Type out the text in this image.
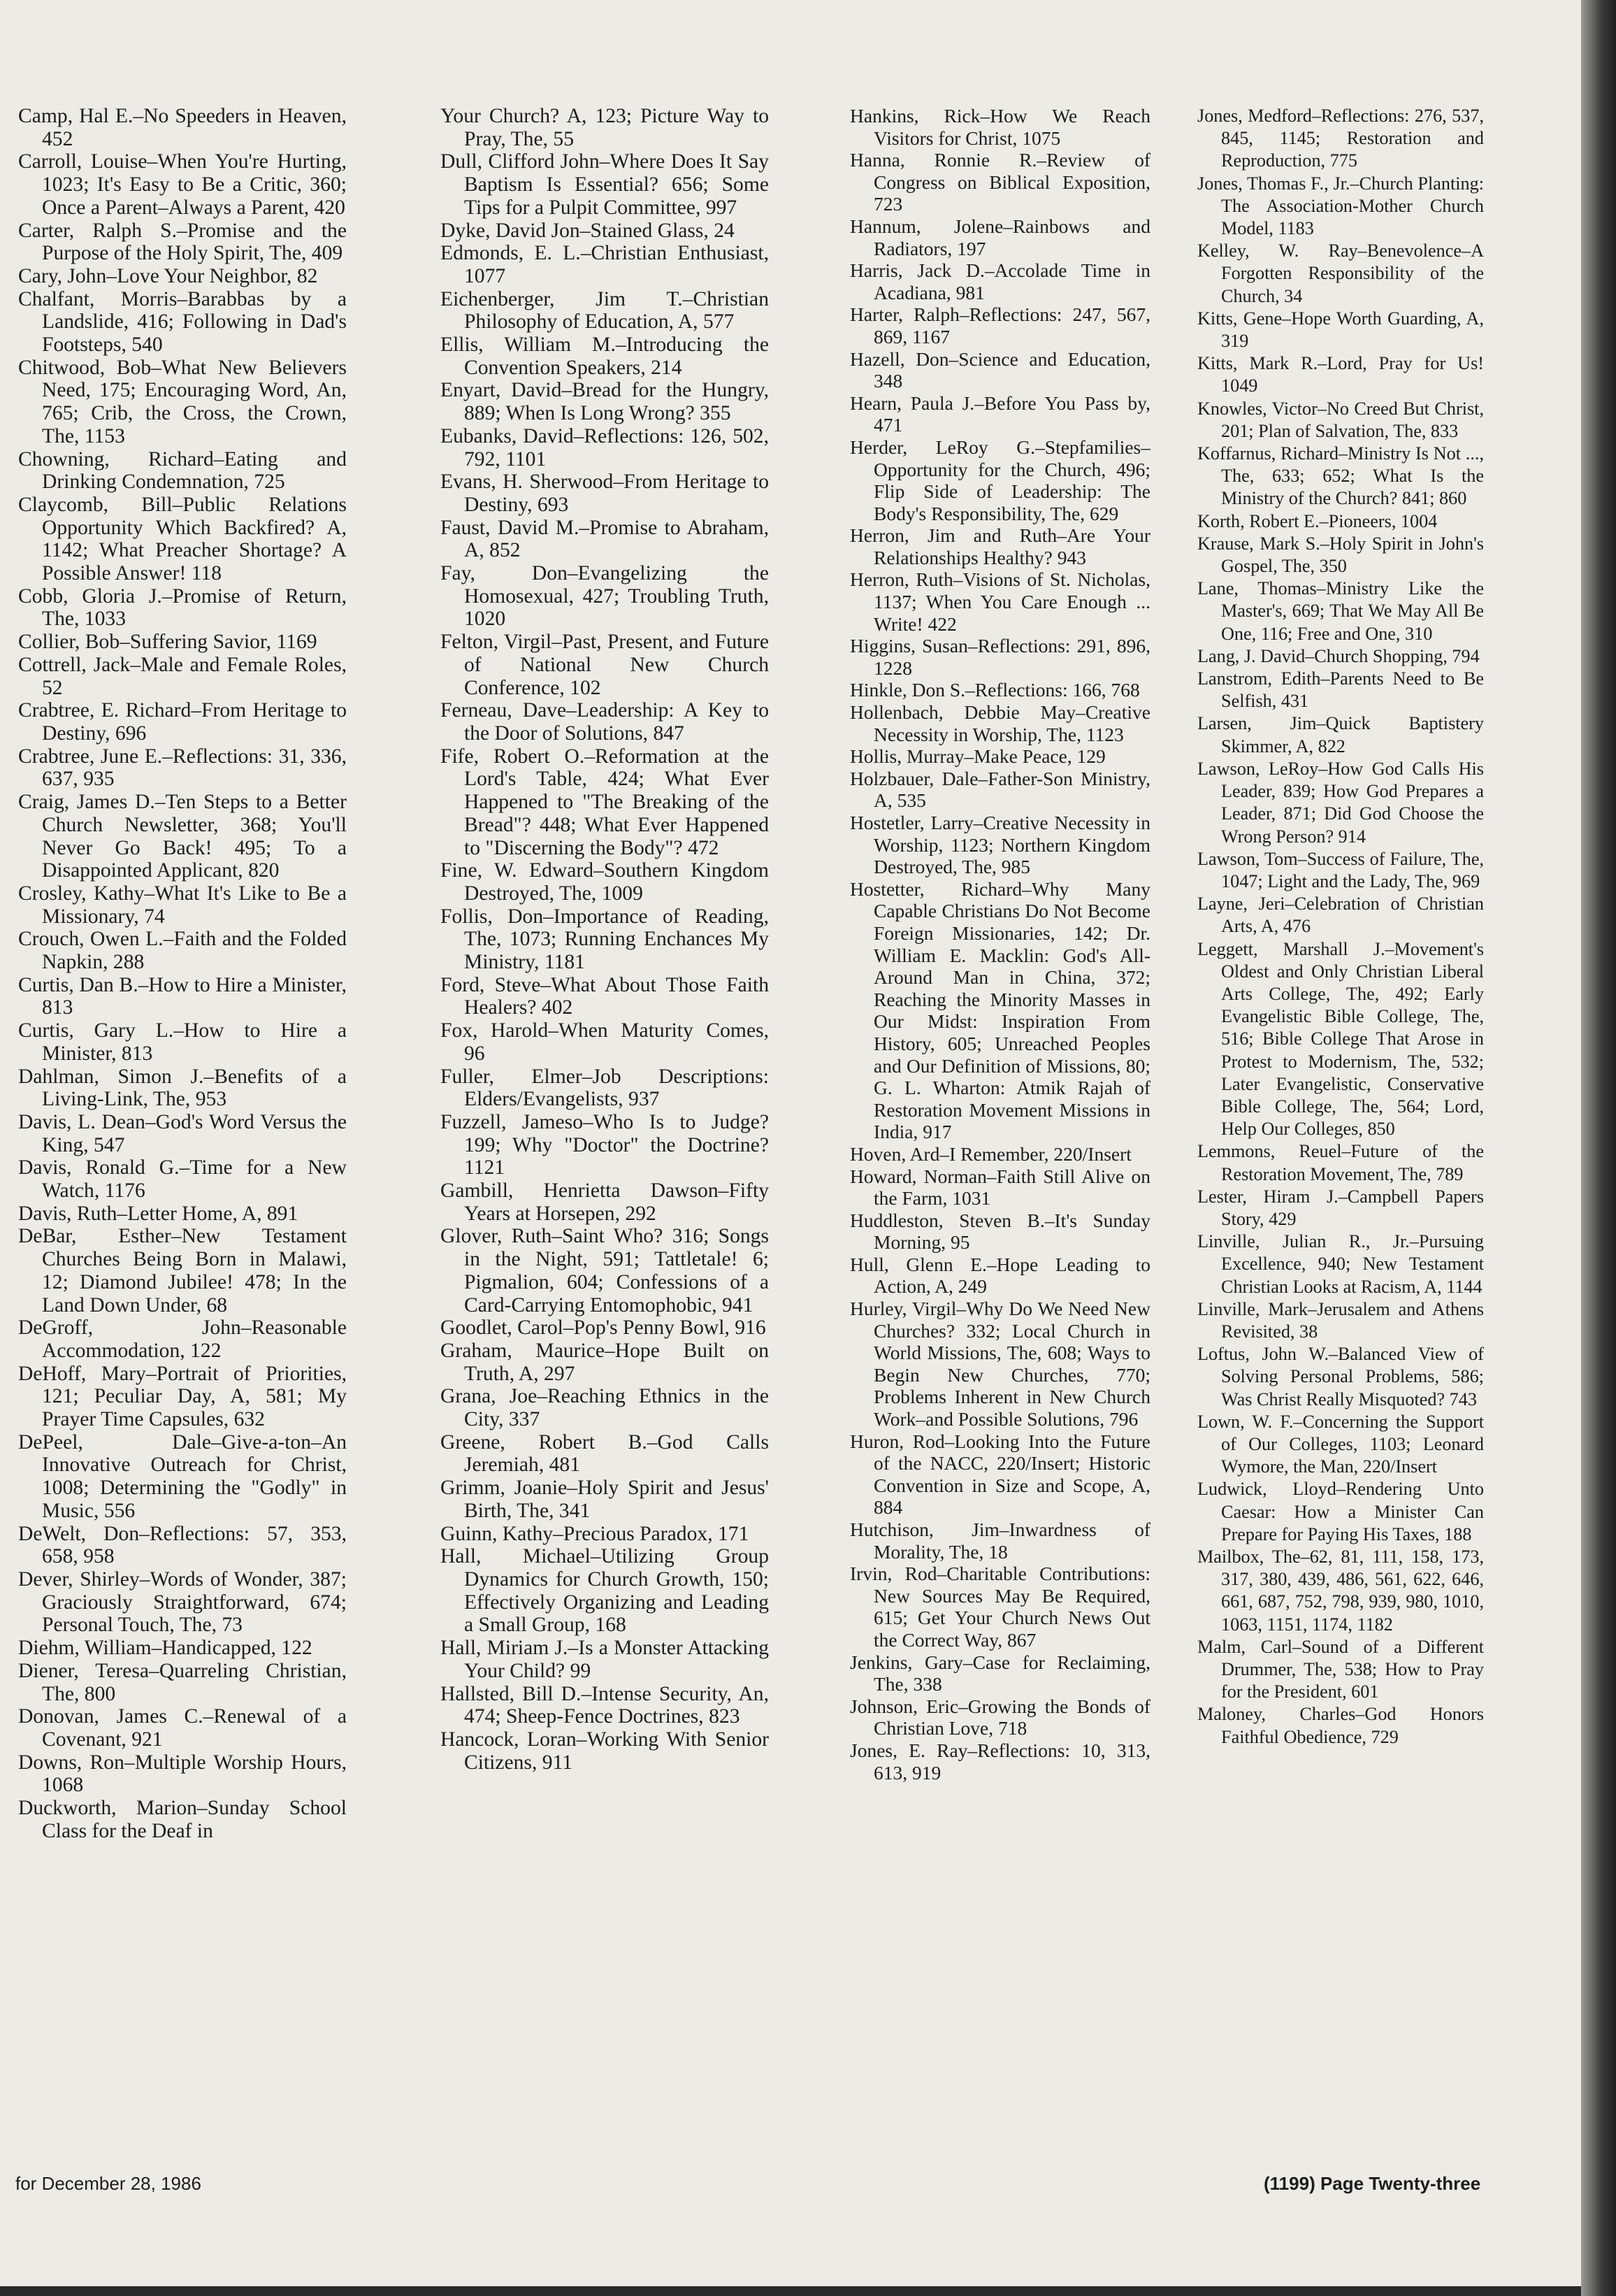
Camp, Hal E.–No Speeders in Heaven, 452

Carroll, Louise–When You're Hurting, 1023; It's Easy to Be a Critic, 360; Once a Parent–Always a Parent, 420

Carter, Ralph S.–Promise and the Purpose of the Holy Spirit, The, 409

Cary, John–Love Your Neighbor, 82

Chalfant, Morris–Barabbas by a Landslide, 416; Following in Dad's Footsteps, 540

Chitwood, Bob–What New Believers Need, 175; Encouraging Word, An, 765; Crib, the Cross, the Crown, The, 1153

Chowning, Richard–Eating and Drinking Condemnation, 725

Claycomb, Bill–Public Relations Opportunity Which Backfired? A, 1142; What Preacher Shortage? A Possible Answer! 118

Cobb, Gloria J.–Promise of Return, The, 1033

Collier, Bob–Suffering Savior, 1169

Cottrell, Jack–Male and Female Roles, 52

Crabtree, E. Richard–From Heritage to Destiny, 696

Crabtree, June E.–Reflections: 31, 336, 637, 935

Craig, James D.–Ten Steps to a Better Church Newsletter, 368; You'll Never Go Back! 495; To a Disappointed Applicant, 820

Crosley, Kathy–What It's Like to Be a Missionary, 74

Crouch, Owen L.–Faith and the Folded Napkin, 288

Curtis, Dan B.–How to Hire a Minister, 813

Curtis, Gary L.–How to Hire a Minister, 813

Dahlman, Simon J.–Benefits of a Living-Link, The, 953

Davis, L. Dean–God's Word Versus the King, 547

Davis, Ronald G.–Time for a New Watch, 1176

Davis, Ruth–Letter Home, A, 891

DeBar, Esther–New Testament Churches Being Born in Malawi, 12; Diamond Jubilee! 478; In the Land Down Under, 68

DeGroff, John–Reasonable Accommodation, 122

DeHoff, Mary–Portrait of Priorities, 121; Peculiar Day, A, 581; My Prayer Time Capsules, 632

DePeel, Dale–Give-a-ton–An Innovative Outreach for Christ, 1008; Determining the "Godly" in Music, 556

DeWelt, Don–Reflections: 57, 353, 658, 958

Dever, Shirley–Words of Wonder, 387; Graciously Straightforward, 674; Personal Touch, The, 73

Diehm, William–Handicapped, 122

Diener, Teresa–Quarreling Christian, The, 800

Donovan, James C.–Renewal of a Covenant, 921

Downs, Ron–Multiple Worship Hours, 1068

Duckworth, Marion–Sunday School Class for the Deaf in

Your Church? A, 123; Picture Way to Pray, The, 55

Dull, Clifford John–Where Does It Say Baptism Is Essential? 656; Some Tips for a Pulpit Committee, 997

Dyke, David Jon–Stained Glass, 24

Edmonds, E. L.–Christian Enthusiast, 1077

Eichenberger, Jim T.–Christian Philosophy of Education, A, 577

Ellis, William M.–Introducing the Convention Speakers, 214

Enyart, David–Bread for the Hungry, 889; When Is Long Wrong? 355

Eubanks, David–Reflections: 126, 502, 792, 1101

Evans, H. Sherwood–From Heritage to Destiny, 693

Faust, David M.–Promise to Abraham, A, 852

Fay, Don–Evangelizing the Homosexual, 427; Troubling Truth, 1020

Felton, Virgil–Past, Present, and Future of National New Church Conference, 102

Ferneau, Dave–Leadership: A Key to the Door of Solutions, 847

Fife, Robert O.–Reformation at the Lord's Table, 424; What Ever Happened to "The Breaking of the Bread"? 448; What Ever Happened to "Discerning the Body"? 472

Fine, W. Edward–Southern Kingdom Destroyed, The, 1009

Follis, Don–Importance of Reading, The, 1073; Running Enchances My Ministry, 1181

Ford, Steve–What About Those Faith Healers? 402

Fox, Harold–When Maturity Comes, 96

Fuller, Elmer–Job Descriptions: Elders/Evangelists, 937

Fuzzell, Jameso–Who Is to Judge? 199; Why "Doctor" the Doctrine? 1121

Gambill, Henrietta Dawson–Fifty Years at Horsepen, 292

Glover, Ruth–Saint Who? 316; Songs in the Night, 591; Tattletale! 6; Pigmalion, 604; Confessions of a Card-Carrying Entomophobic, 941

Goodlet, Carol–Pop's Penny Bowl, 916

Graham, Maurice–Hope Built on Truth, A, 297

Grana, Joe–Reaching Ethnics in the City, 337

Greene, Robert B.–God Calls Jeremiah, 481

Grimm, Joanie–Holy Spirit and Jesus' Birth, The, 341

Guinn, Kathy–Precious Paradox, 171

Hall, Michael–Utilizing Group Dynamics for Church Growth, 150; Effectively Organizing and Leading a Small Group, 168

Hall, Miriam J.–Is a Monster Attacking Your Child? 99

Hallsted, Bill D.–Intense Security, An, 474; Sheep-Fence Doctrines, 823

Hancock, Loran–Working With Senior Citizens, 911

Hankins, Rick–How We Reach Visitors for Christ, 1075

Hanna, Ronnie R.–Review of Congress on Biblical Exposition, 723

Hannum, Jolene–Rainbows and Radiators, 197

Harris, Jack D.–Accolade Time in Acadiana, 981

Harter, Ralph–Reflections: 247, 567, 869, 1167

Hazell, Don–Science and Education, 348

Hearn, Paula J.–Before You Pass by, 471

Herder, LeRoy G.–Stepfamilies–Opportunity for the Church, 496; Flip Side of Leadership: The Body's Responsibility, The, 629

Herron, Jim and Ruth–Are Your Relationships Healthy? 943

Herron, Ruth–Visions of St. Nicholas, 1137; When You Care Enough ... Write! 422

Higgins, Susan–Reflections: 291, 896, 1228

Hinkle, Don S.–Reflections: 166, 768

Hollenbach, Debbie May–Creative Necessity in Worship, The, 1123

Hollis, Murray–Make Peace, 129

Holzbauer, Dale–Father-Son Ministry, A, 535

Hostetler, Larry–Creative Necessity in Worship, 1123; Northern Kingdom Destroyed, The, 985

Hostetter, Richard–Why Many Capable Christians Do Not Become Foreign Missionaries, 142; Dr. William E. Macklin: God's All-Around Man in China, 372; Reaching the Minority Masses in Our Midst: Inspiration From History, 605; Unreached Peoples and Our Definition of Missions, 80; G. L. Wharton: Atmik Rajah of Restoration Movement Missions in India, 917

Hoven, Ard–I Remember, 220/Insert

Howard, Norman–Faith Still Alive on the Farm, 1031

Huddleston, Steven B.–It's Sunday Morning, 95

Hull, Glenn E.–Hope Leading to Action, A, 249

Hurley, Virgil–Why Do We Need New Churches? 332; Local Church in World Missions, The, 608; Ways to Begin New Churches, 770; Problems Inherent in New Church Work–and Possible Solutions, 796

Huron, Rod–Looking Into the Future of the NACC, 220/Insert; Historic Convention in Size and Scope, A, 884

Hutchison, Jim–Inwardness of Morality, The, 18

Irvin, Rod–Charitable Contributions: New Sources May Be Required, 615; Get Your Church News Out the Correct Way, 867

Jenkins, Gary–Case for Reclaiming, The, 338

Johnson, Eric–Growing the Bonds of Christian Love, 718

Jones, E. Ray–Reflections: 10, 313, 613, 919

Jones, Medford–Reflections: 276, 537, 845, 1145; Restoration and Reproduction, 775

Jones, Thomas F., Jr.–Church Planting: The Association-Mother Church Model, 1183

Kelley, W. Ray–Benevolence–A Forgotten Responsibility of the Church, 34

Kitts, Gene–Hope Worth Guarding, A, 319

Kitts, Mark R.–Lord, Pray for Us! 1049

Knowles, Victor–No Creed But Christ, 201; Plan of Salvation, The, 833

Koffarnus, Richard–Ministry Is Not ..., The, 633; 652; What Is the Ministry of the Church? 841; 860

Korth, Robert E.–Pioneers, 1004

Krause, Mark S.–Holy Spirit in John's Gospel, The, 350

Lane, Thomas–Ministry Like the Master's, 669; That We May All Be One, 116; Free and One, 310

Lang, J. David–Church Shopping, 794

Lanstrom, Edith–Parents Need to Be Selfish, 431

Larsen, Jim–Quick Baptistery Skimmer, A, 822

Lawson, LeRoy–How God Calls His Leader, 839; How God Prepares a Leader, 871; Did God Choose the Wrong Person? 914

Lawson, Tom–Success of Failure, The, 1047; Light and the Lady, The, 969

Layne, Jeri–Celebration of Christian Arts, A, 476

Leggett, Marshall J.–Movement's Oldest and Only Christian Liberal Arts College, The, 492; Early Evangelistic Bible College, The, 516; Bible College That Arose in Protest to Modernism, The, 532; Later Evangelistic, Conservative Bible College, The, 564; Lord, Help Our Colleges, 850

Lemmons, Reuel–Future of the Restoration Movement, The, 789

Lester, Hiram J.–Campbell Papers Story, 429

Linville, Julian R., Jr.–Pursuing Excellence, 940; New Testament Christian Looks at Racism, A, 1144

Linville, Mark–Jerusalem and Athens Revisited, 38

Loftus, John W.–Balanced View of Solving Personal Problems, 586; Was Christ Really Misquoted? 743

Lown, W. F.–Concerning the Support of Our Colleges, 1103; Leonard Wymore, the Man, 220/Insert

Ludwick, Lloyd–Rendering Unto Caesar: How a Minister Can Prepare for Paying His Taxes, 188

Mailbox, The–62, 81, 111, 158, 173, 317, 380, 439, 486, 561, 622, 646, 661, 687, 752, 798, 939, 980, 1010, 1063, 1151, 1174, 1182

Malm, Carl–Sound of a Different Drummer, The, 538; How to Pray for the President, 601

Maloney, Charles–God Honors Faithful Obedience, 729

for December 28, 1986	(1199) Page Twenty-three
